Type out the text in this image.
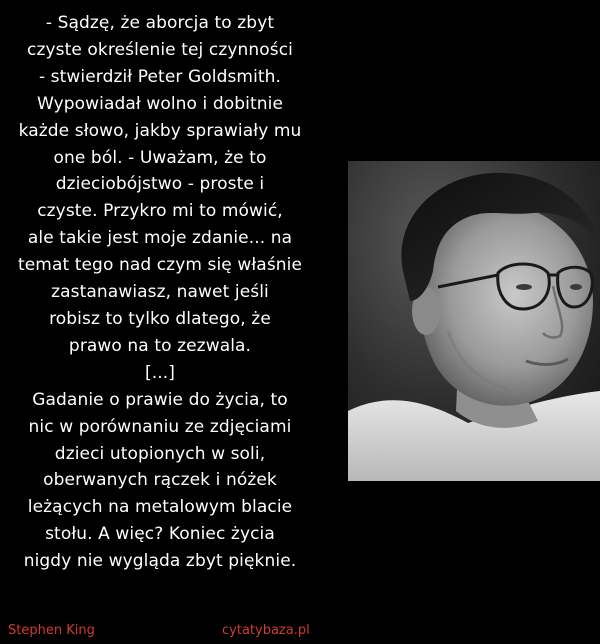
- Sądzę, że aborcja to zbyt
czyste określenie tej czynności
- stwierdził Peter Goldsmith.
Wypowiadał wolno i dobitnie
każde słowo, jakby sprawiały mu
one ból. - Uważam, że to
dzieciobójstwo - proste i
czyste. Przykro mi to mówić,
ale takie jest moje zdanie... na
temat tego nad czym się właśnie
zastanawiasz, nawet jeśli
robisz to tylko dlatego, że
prawo na to zezwala.
[...]
Gadanie o prawie do życia, to
nic w porównaniu ze zdjęciami
dzieci utopionych w soli,
oberwanych rączek i nóżek
leżących na metalowym blacie
stołu. A więc? Koniec życia
nigdy nie wygląda zbyt pięknie.
Stephen King	cytatybaza.pl
